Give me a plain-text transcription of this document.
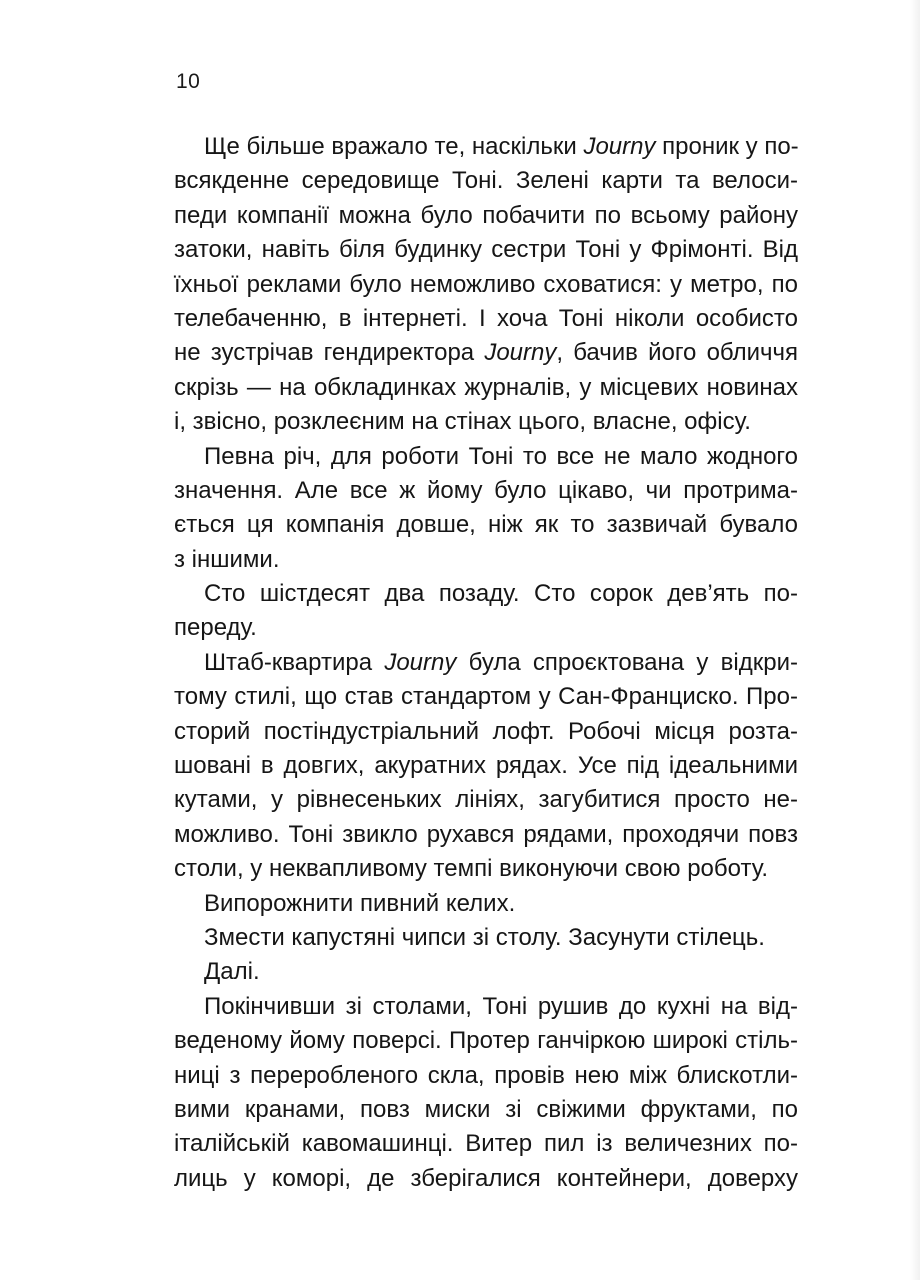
10
Ще більше вражало те, наскільки Journy проник у по-
всякденне середовище Тоні. Зелені карти та велоси-
педи компанії можна було побачити по всьому району
затоки, навіть біля будинку сестри Тоні у Фрімонті. Від
їхньої реклами було неможливо сховатися: у метро, по
телебаченню, в інтернеті. І хоча Тоні ніколи особисто
не зустрічав гендиректора Journy, бачив його обличчя
скрізь — на обкладинках журналів, у місцевих новинах
і, звісно, розклеєним на стінах цього, власне, офісу.
Певна річ, для роботи Тоні то все не мало жодного
значення. Але все ж йому було цікаво, чи протрима-
ється ця компанія довше, ніж як то зазвичай бувало
з іншими.
Сто шістдесят два позаду. Сто сорок дев’ять по-
переду.
Штаб-квартира Journy була спроєктована у відкри-
тому стилі, що став стандартом у Сан-Франциско. Про-
сторий постіндустріальний лофт. Робочі місця розта-
шовані в довгих, акуратних рядах. Усе під ідеальними
кутами, у рівнесеньких лініях, загубитися просто не-
можливо. Тоні звикло рухався рядами, проходячи повз
столи, у неквапливому темпі виконуючи свою роботу.
Випорожнити пивний келих.
Змести капустяні чипси зі столу. Засунути стілець.
Далі.
Покінчивши зі столами, Тоні рушив до кухні на від-
веденому йому поверсі. Протер ганчіркою широкі стіль-
ниці з переробленого скла, провів нею між блискотли-
вими кранами, повз миски зі свіжими фруктами, по
італійській кавомашинці. Витер пил із величезних по-
лиць у коморі, де зберігалися контейнери, доверху
